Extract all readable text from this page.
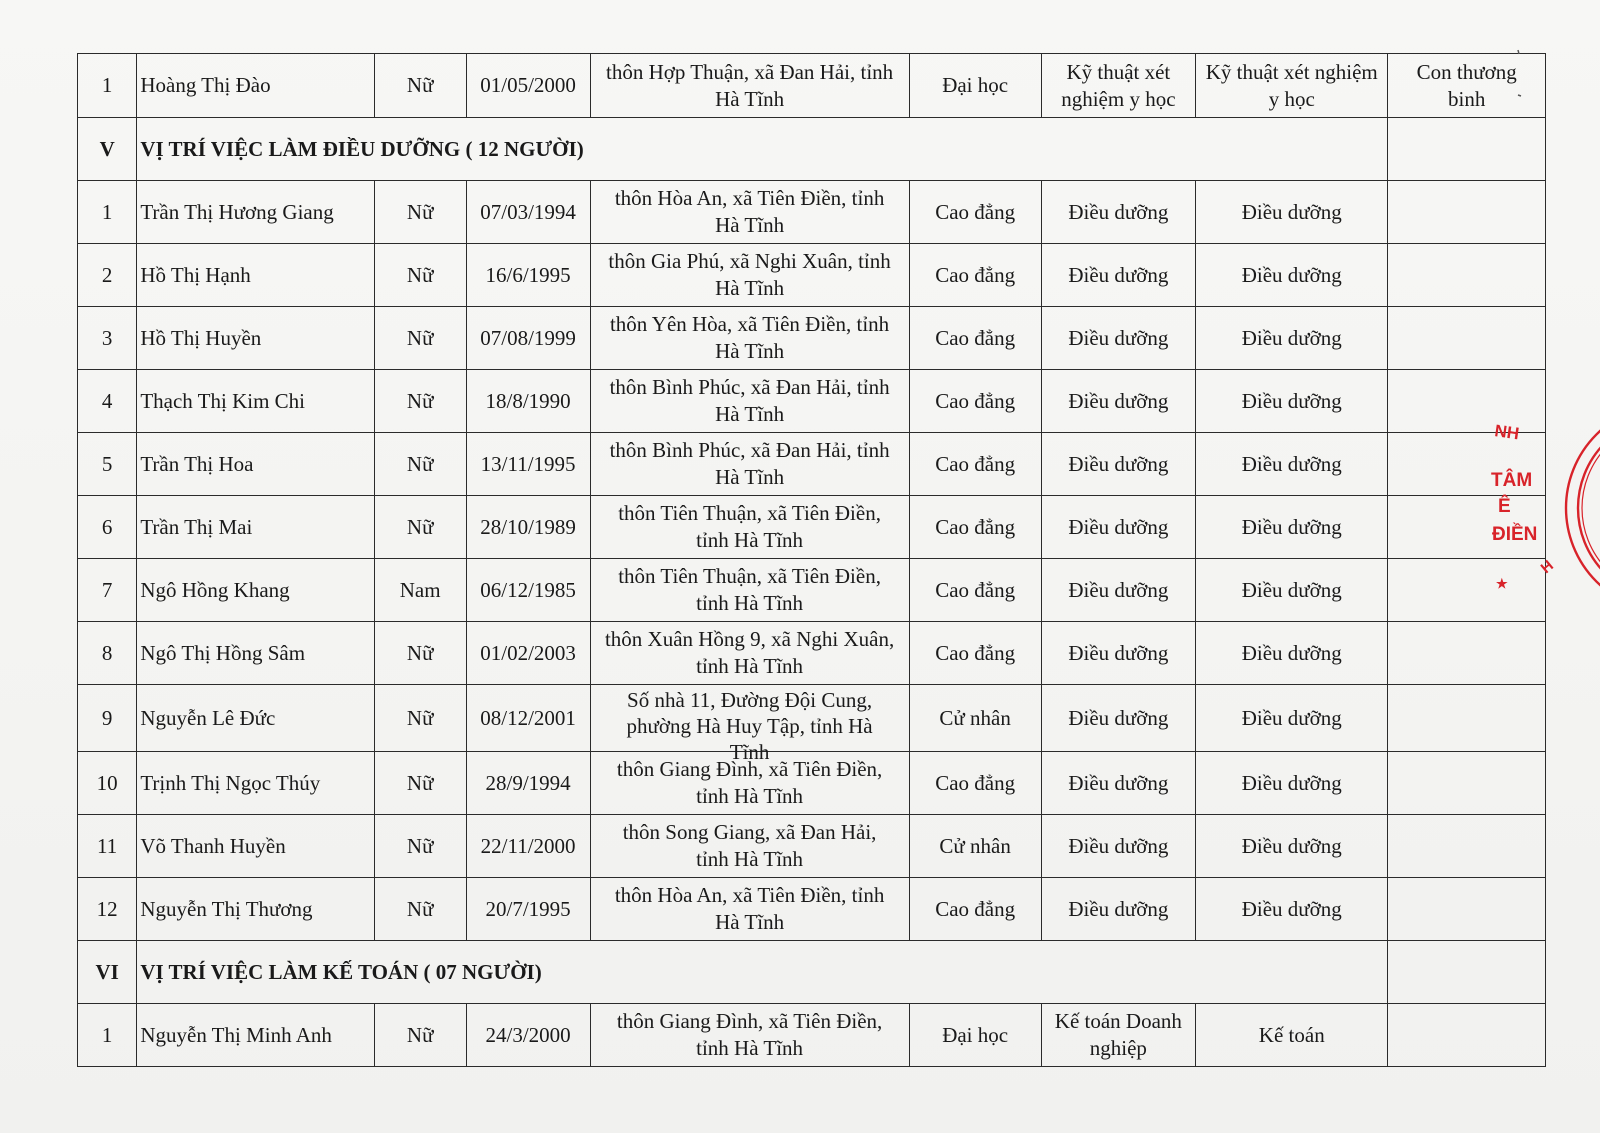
1	Hoàng Thị Đào	Nữ	01/05/2000	thôn Hợp Thuận, xã Đan Hải, tỉnh
Hà Tĩnh	Đại học	Kỹ thuật xét
nghiệm y học	Kỹ thuật xét nghiệm
y học	Con thương
binh
V	VỊ TRÍ VIỆC LÀM ĐIỀU DƯỠNG ( 12 NGƯỜI)							
1	Trần Thị Hương Giang	Nữ	07/03/1994	thôn Hòa An, xã Tiên Điền, tỉnh
Hà Tĩnh	Cao đẳng	Điều dưỡng	Điều dưỡng	
2	Hồ Thị Hạnh	Nữ	16/6/1995	thôn Gia Phú, xã Nghi Xuân, tỉnh
Hà Tĩnh	Cao đẳng	Điều dưỡng	Điều dưỡng	
3	Hồ Thị Huyền	Nữ	07/08/1999	thôn Yên Hòa, xã Tiên Điền, tỉnh
Hà Tĩnh	Cao đẳng	Điều dưỡng	Điều dưỡng	
4	Thạch Thị Kim Chi	Nữ	18/8/1990	thôn Bình Phúc, xã Đan Hải, tỉnh
Hà Tĩnh	Cao đẳng	Điều dưỡng	Điều dưỡng	
5	Trần Thị Hoa	Nữ	13/11/1995	thôn Bình Phúc, xã Đan Hải, tỉnh
Hà Tĩnh	Cao đẳng	Điều dưỡng	Điều dưỡng	
6	Trần Thị Mai	Nữ	28/10/1989	thôn Tiên Thuận, xã Tiên Điền,
tỉnh Hà Tĩnh	Cao đẳng	Điều dưỡng	Điều dưỡng	
7	Ngô Hồng Khang	Nam	06/12/1985	thôn Tiên Thuận, xã Tiên Điền,
tỉnh Hà Tĩnh	Cao đẳng	Điều dưỡng	Điều dưỡng	
8	Ngô Thị Hồng Sâm	Nữ	01/02/2003	thôn Xuân Hồng 9, xã Nghi Xuân,
tỉnh Hà Tĩnh	Cao đẳng	Điều dưỡng	Điều dưỡng	
9	Nguyễn Lê Đức	Nữ	08/12/2001	Số nhà 11, Đường Đội Cung,
phường Hà Huy Tập, tỉnh Hà
Tĩnh	Cử nhân	Điều dưỡng	Điều dưỡng	
10	Trịnh Thị Ngọc Thúy	Nữ	28/9/1994	thôn Giang Đình, xã Tiên Điền,
tỉnh Hà Tĩnh	Cao đẳng	Điều dưỡng	Điều dưỡng	
11	Võ Thanh Huyền	Nữ	22/11/2000	thôn Song Giang, xã Đan Hải,
tỉnh Hà Tĩnh	Cử nhân	Điều dưỡng	Điều dưỡng	
12	Nguyễn Thị Thương	Nữ	20/7/1995	thôn Hòa An, xã Tiên Điền, tỉnh
Hà Tĩnh	Cao đẳng	Điều dưỡng	Điều dưỡng	
VI	VỊ TRÍ VIỆC LÀM KẾ TOÁN ( 07 NGƯỜI)							
1	Nguyễn Thị Minh Anh	Nữ	24/3/2000	thôn Giang Đình, xã Tiên Điền,
tỉnh Hà Tĩnh	Đại học	Kế toán Doanh
nghiệp	Kế toán	
NH
TÂM
Ê
ĐIỀN
H
★
